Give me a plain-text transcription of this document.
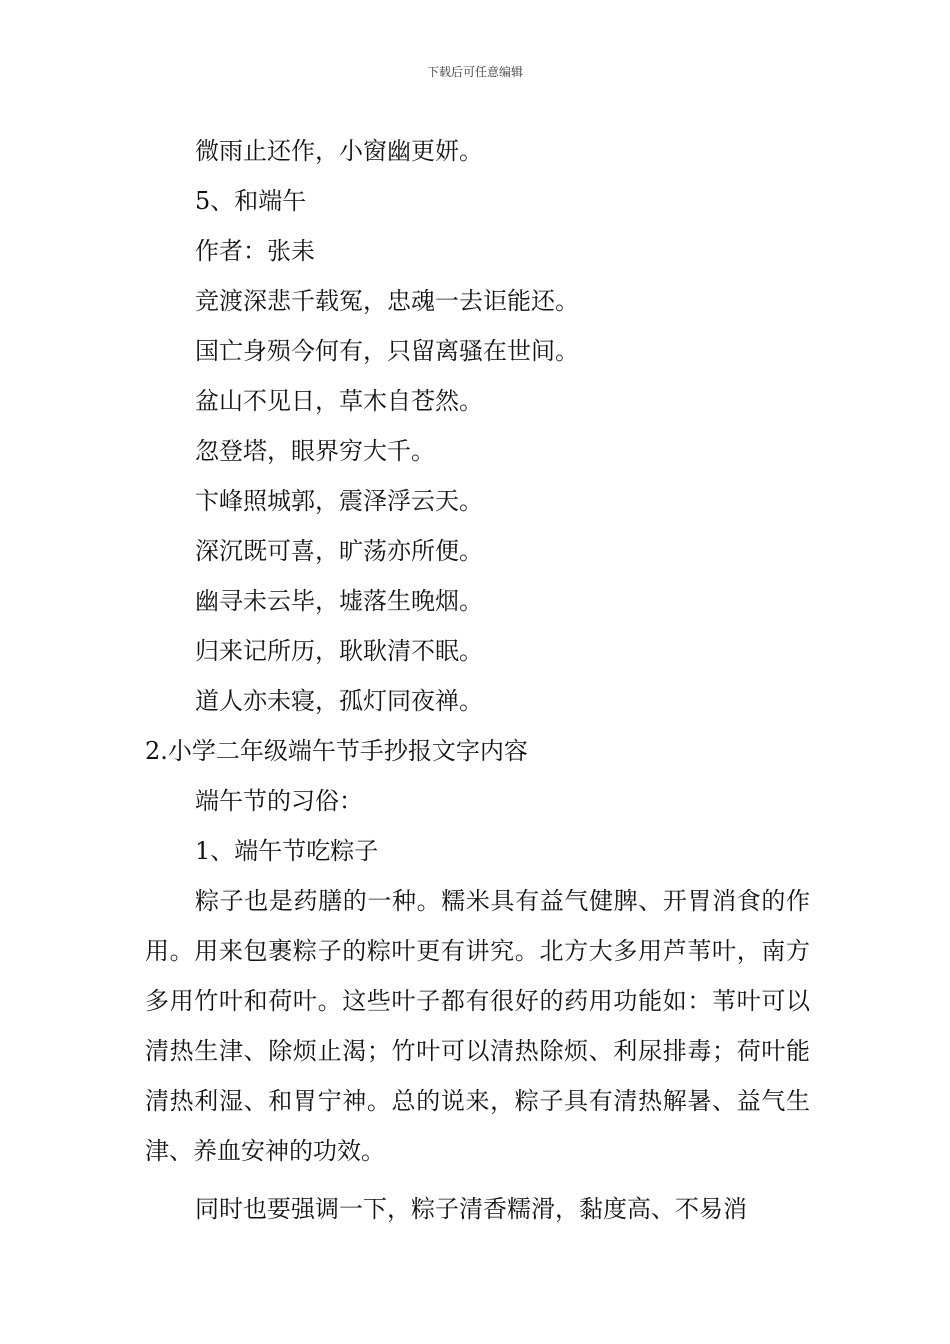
下载后可任意编辑
微雨止还作，小窗幽更妍。
5、和端午
作者：张耒
竞渡深悲千载冤，忠魂一去讵能还。
国亡身殒今何有，只留离骚在世间。
盆山不见日，草木自苍然。
忽登塔，眼界穷大千。
卞峰照城郭，震泽浮云天。
深沉既可喜，旷荡亦所便。
幽寻未云毕，墟落生晚烟。
归来记所历，耿耿清不眠。
道人亦未寝，孤灯同夜禅。
2.小学二年级端午节手抄报文字内容
端午节的习俗：
1、端午节吃粽子
粽子也是药膳的一种。糯米具有益气健脾、开胃消食的作用。用来包裹粽子的粽叶更有讲究。北方大多用芦苇叶，南方多用竹叶和荷叶。这些叶子都有很好的药用功能如：苇叶可以清热生津、除烦止渴；竹叶可以清热除烦、利尿排毒；荷叶能清热利湿、和胃宁神。总的说来，粽子具有清热解暑、益气生津、养血安神的功效。
同时也要强调一下，粽子清香糯滑，黏度高、不易消
